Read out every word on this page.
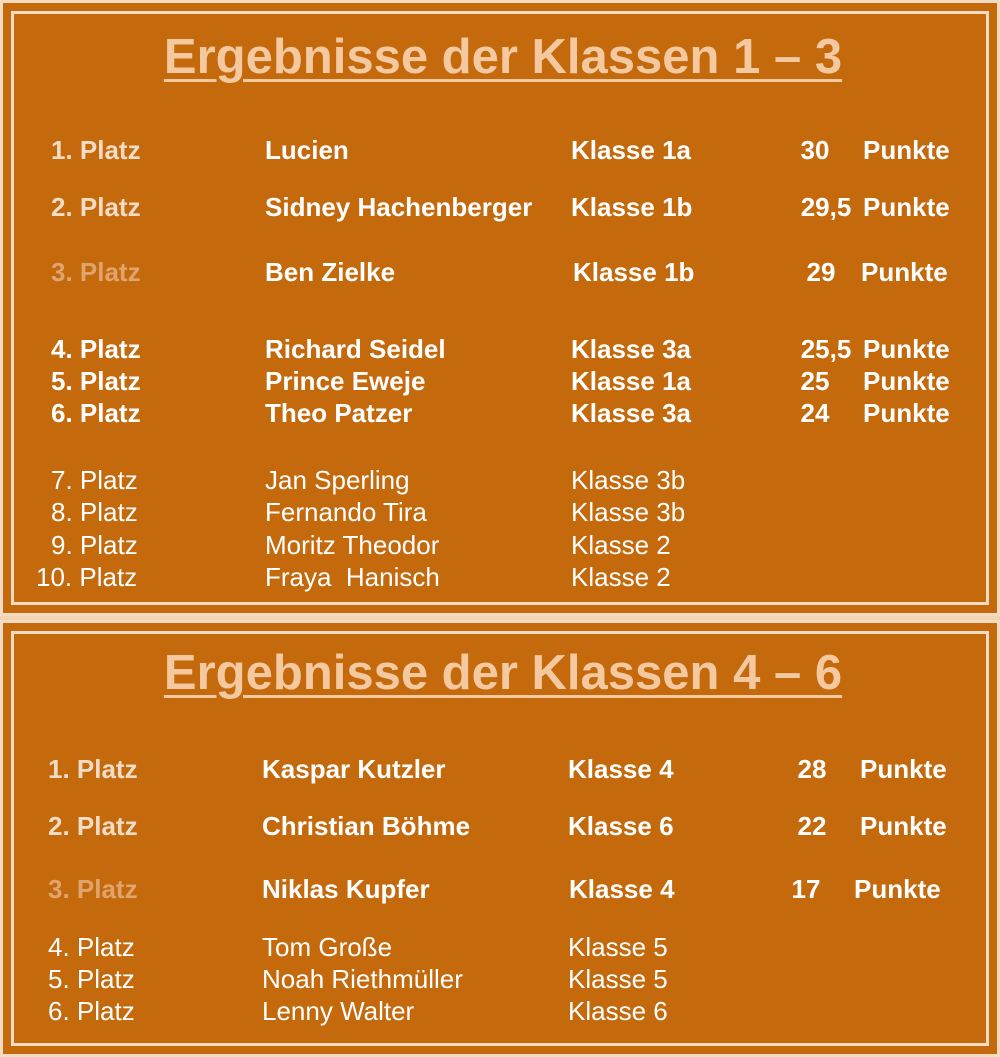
Ergebnisse der Klassen 1 – 3
1. Platz	Lucien	Klasse 1a	30	Punkte
2. Platz	Sidney Hachenberger Klasse 1b	29,5 Punkte
3. Platz	Ben Zielke	Klasse 1b	29 Punkte
4. Platz	Richard Seidel	Klasse 3a	25,5 Punkte
5. Platz	Prince Eweje	Klasse 1a	25	Punkte
6. Platz	Theo Patzer	Klasse 3a	24	Punkte
7. Platz	Jan Sperling	Klasse 3b
8. Platz	Fernando Tira	Klasse 3b
9. Platz	Moritz Theodor	Klasse 2
10. Platz	Fraya  Hanisch	Klasse 2
Ergebnisse der Klassen 4 – 6
1. Platz	Kaspar Kutzler	Klasse 4	28	Punkte
2. Platz	Christian Böhme	Klasse 6	22	Punkte
3. Platz	Niklas Kupfer	Klasse 4	17	Punkte
4. Platz	Tom Große	Klasse 5
5. Platz	Noah Riethmüller	Klasse 5
6. Platz	Lenny Walter	Klasse 6
